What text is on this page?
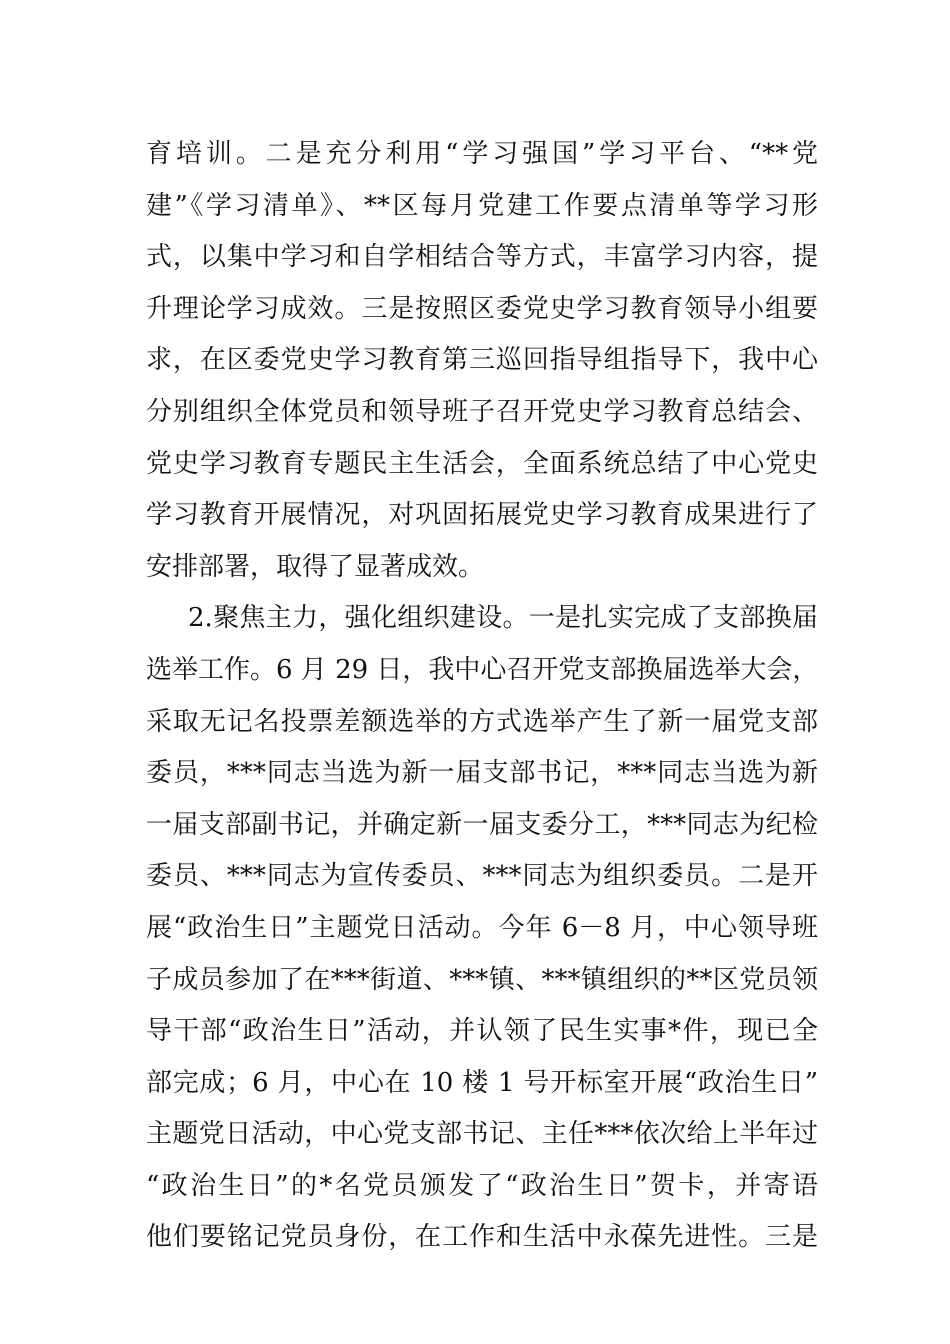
育培训。二是充分利用“学习强国”学习平台、“**党
建”《学习清单》、**区每月党建工作要点清单等学习形
式，以集中学习和自学相结合等方式，丰富学习内容，提
升理论学习成效。三是按照区委党史学习教育领导小组要
求，在区委党史学习教育第三巡回指导组指导下，我中心
分别组织全体党员和领导班子召开党史学习教育总结会、
党史学习教育专题民主生活会，全面系统总结了中心党史
学习教育开展情况，对巩固拓展党史学习教育成果进行了
安排部署，取得了显著成效。
2.聚焦主力，强化组织建设。一是扎实完成了支部换届
选举工作。6 月 29 日，我中心召开党支部换届选举大会，
采取无记名投票差额选举的方式选举产生了新一届党支部
委员，***同志当选为新一届支部书记，***同志当选为新
一届支部副书记，并确定新一届支委分工，***同志为纪检
委员、***同志为宣传委员、***同志为组织委员。二是开
展“政治生日”主题党日活动。今年 6－8 月，中心领导班
子成员参加了在***街道、***镇、***镇组织的**区党员领
导干部“政治生日”活动，并认领了民生实事*件，现已全
部完成；6 月，中心在 10 楼 1 号开标室开展“政治生日”
主题党日活动，中心党支部书记、主任***依次给上半年过
“政治生日”的*名党员颁发了“政治生日”贺卡，并寄语
他们要铭记党员身份，在工作和生活中永葆先进性。三是
